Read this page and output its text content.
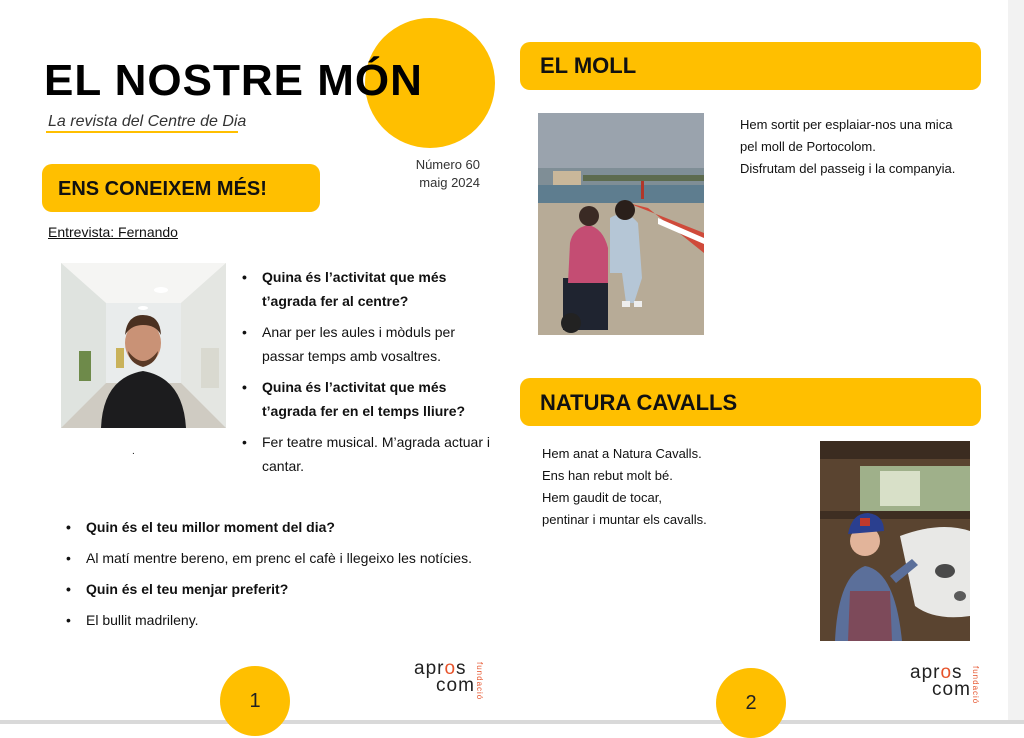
EL NOSTRE MÓN
La revista del Centre de Dia
Número 60
maig 2024
ENS CONEIXEM MÉS!
Entrevista: Fernando
.
• Quina és l’activitat que més t’agrada fer al centre?
• Anar per les aules i mòduls per passar temps amb vosaltres.
• Quina és l’activitat que més t’agrada fer en el temps lliure?
• Fer teatre musical. M’agrada actuar i cantar.
• Quin és el teu millor moment del dia?
• Al matí mentre bereno, em prenc el cafè i llegeixo les notícies.
• Quin és el teu menjar preferit?
• El bullit madrileny.
1
apros
com fundació
EL MOLL
Hem sortit per esplaiar-nos una mica
pel moll de Portocolom.
Disfrutam del passeig i la companyia.
NATURA CAVALLS
Hem anat a Natura Cavalls.
Ens han rebut molt bé.
Hem gaudit de tocar,
pentinar i muntar els cavalls.
2
apros
com fundació
